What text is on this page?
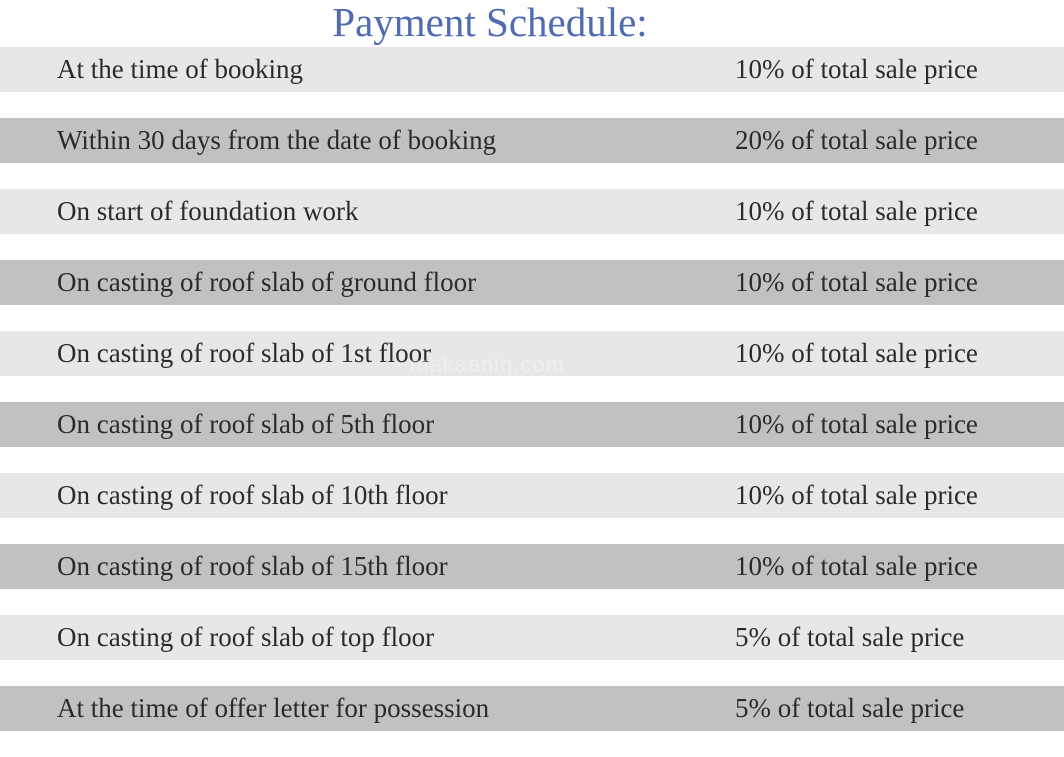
Payment Schedule:
At the time of booking	10% of total sale price
Within 30 days from the date of booking	20% of total sale price
On start of foundation work	10% of total sale price
On casting of roof slab of ground floor	10% of total sale price
On casting of roof slab of 1st floor	10% of total sale price
On casting of roof slab of 5th floor	10% of total sale price
On casting of roof slab of 10th floor	10% of total sale price
On casting of roof slab of 15th floor	10% of total sale price
On casting of roof slab of top floor	5% of total sale price
At the time of offer letter for possession	5% of total sale price
makaaniq.com
